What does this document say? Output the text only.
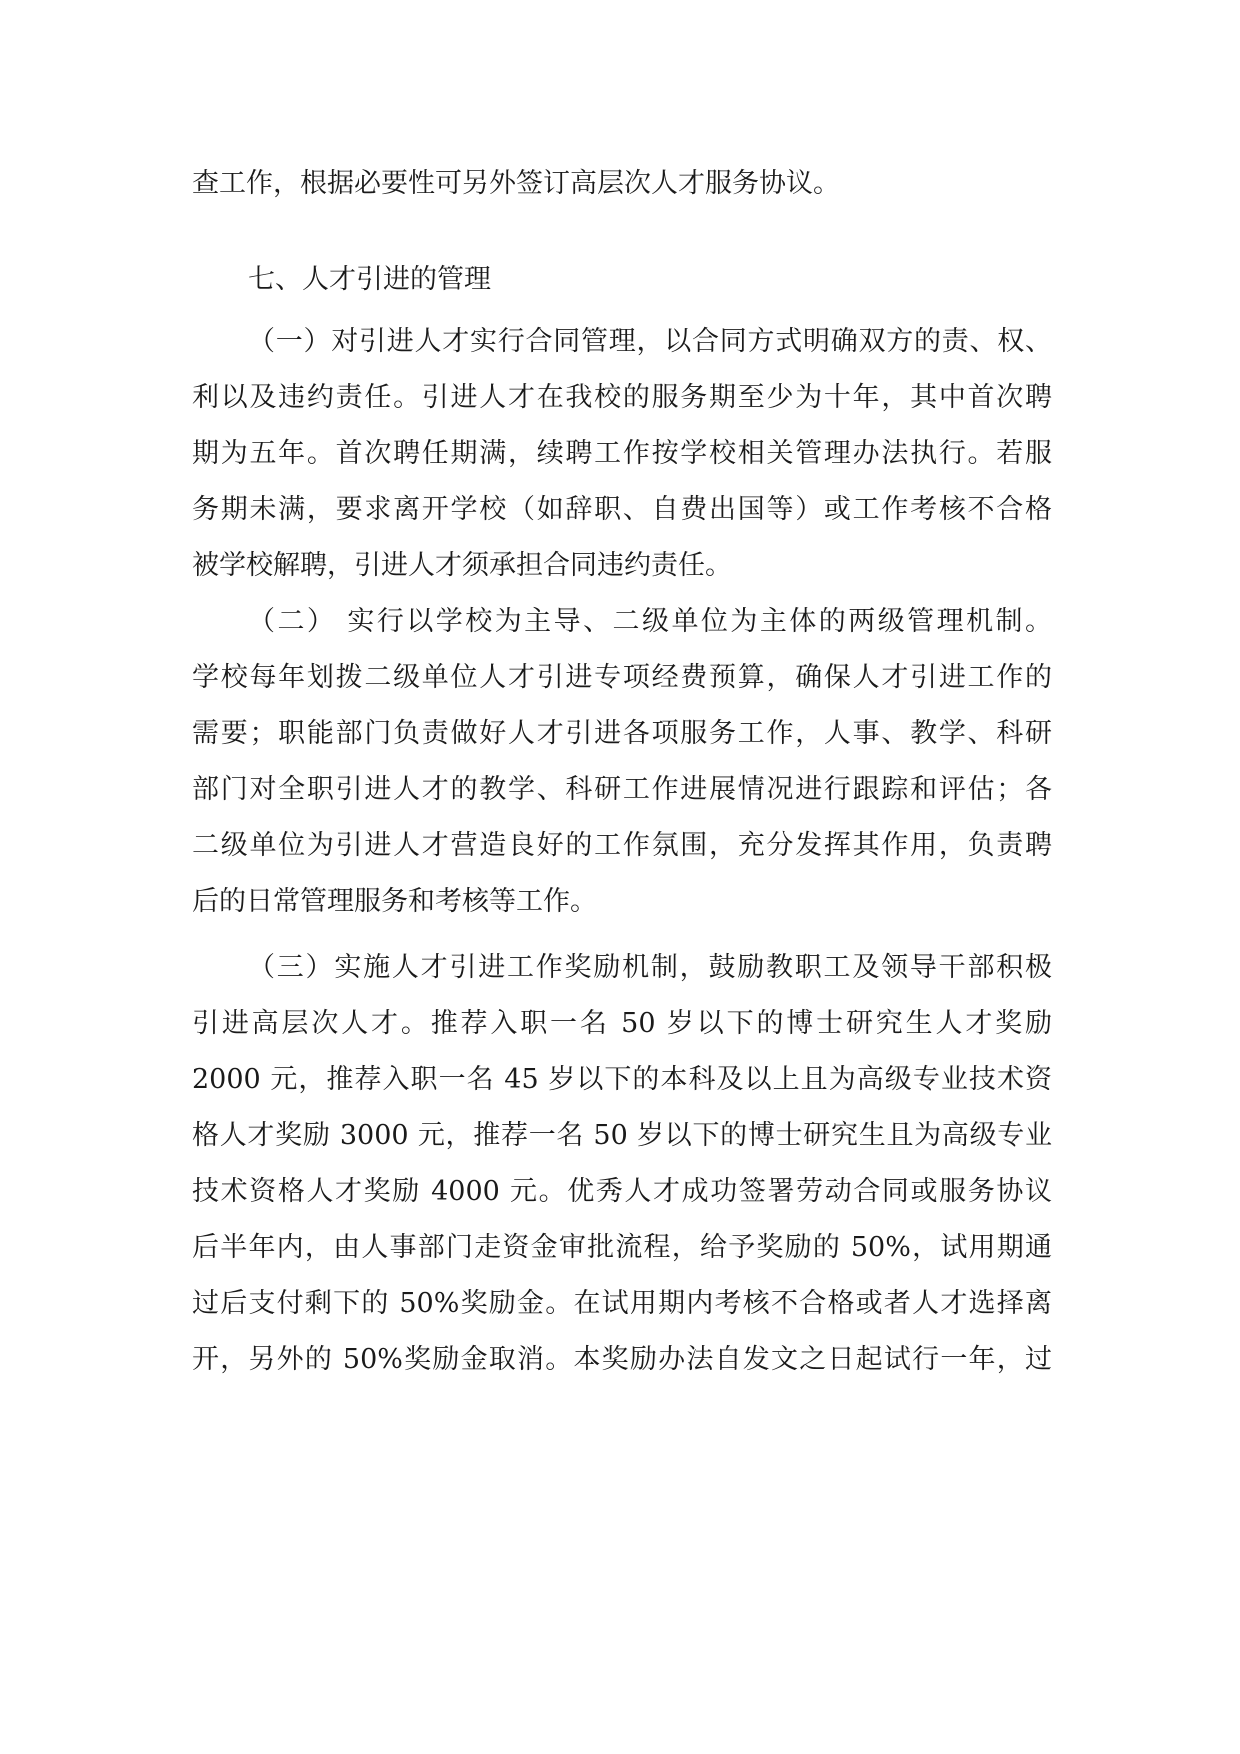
查工作，根据必要性可另外签订高层次人才服务协议。
七、人才引进的管理
（一）对引进人才实行合同管理，以合同方式明确双方的责、权、
利以及违约责任。引进人才在我校的服务期至少为十年，其中首次聘
期为五年。首次聘任期满，续聘工作按学校相关管理办法执行。若服
务期未满，要求离开学校（如辞职、自费出国等）或工作考核不合格
被学校解聘，引进人才须承担合同违约责任。
（二） 实行以学校为主导、二级单位为主体的两级管理机制。
学校每年划拨二级单位人才引进专项经费预算，确保人才引进工作的
需要；职能部门负责做好人才引进各项服务工作，人事、教学、科研
部门对全职引进人才的教学、科研工作进展情况进行跟踪和评估；各
二级单位为引进人才营造良好的工作氛围，充分发挥其作用，负责聘
后的日常管理服务和考核等工作。
（三）实施人才引进工作奖励机制，鼓励教职工及领导干部积极
引进高层次人才。推荐入职一名 50 岁以下的博士研究生人才奖励
2000 元，推荐入职一名 45 岁以下的本科及以上且为高级专业技术资
格人才奖励 3000 元，推荐一名 50 岁以下的博士研究生且为高级专业
技术资格人才奖励 4000 元。优秀人才成功签署劳动合同或服务协议
后半年内，由人事部门走资金审批流程，给予奖励的 50%，试用期通
过后支付剩下的 50%奖励金。在试用期内考核不合格或者人才选择离
开，另外的 50%奖励金取消。本奖励办法自发文之日起试行一年，过
